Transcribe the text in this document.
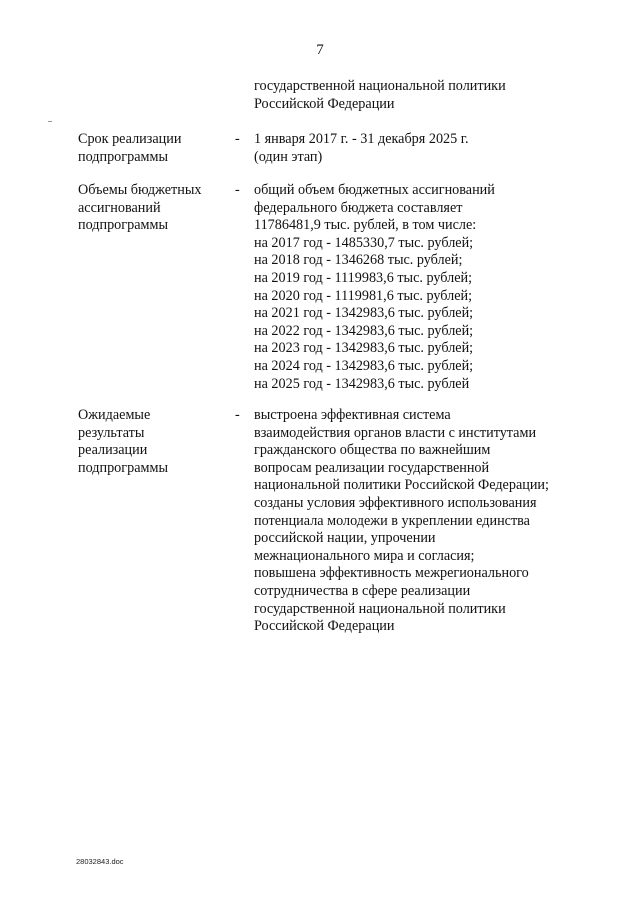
7
государственной национальной политики
Российской Федерации
Срок реализации
подпрограммы
- 1 января 2017 г. - 31 декабря 2025 г.
(один этап)
Объемы бюджетных
ассигнований
подпрограммы
- общий объем бюджетных ассигнований
федерального бюджета составляет
11786481,9 тыс. рублей, в том числе:
на 2017 год - 1485330,7 тыс. рублей;
на 2018 год - 1346268 тыс. рублей;
на 2019 год - 1119983,6 тыс. рублей;
на 2020 год - 1119981,6 тыс. рублей;
на 2021 год - 1342983,6 тыс. рублей;
на 2022 год - 1342983,6 тыс. рублей;
на 2023 год - 1342983,6 тыс. рублей;
на 2024 год - 1342983,6 тыс. рублей;
на 2025 год - 1342983,6 тыс. рублей
Ожидаемые
результаты
реализации
подпрограммы
- выстроена эффективная система
взаимодействия органов власти с институтами
гражданского общества по важнейшим
вопросам реализации государственной
национальной политики Российской Федерации;
созданы условия эффективного использования
потенциала молодежи в укреплении единства
российской нации, упрочении
межнационального мира и согласия;
повышена эффективность межрегионального
сотрудничества в сфере реализации
государственной национальной политики
Российской Федерации
28032843.doc
